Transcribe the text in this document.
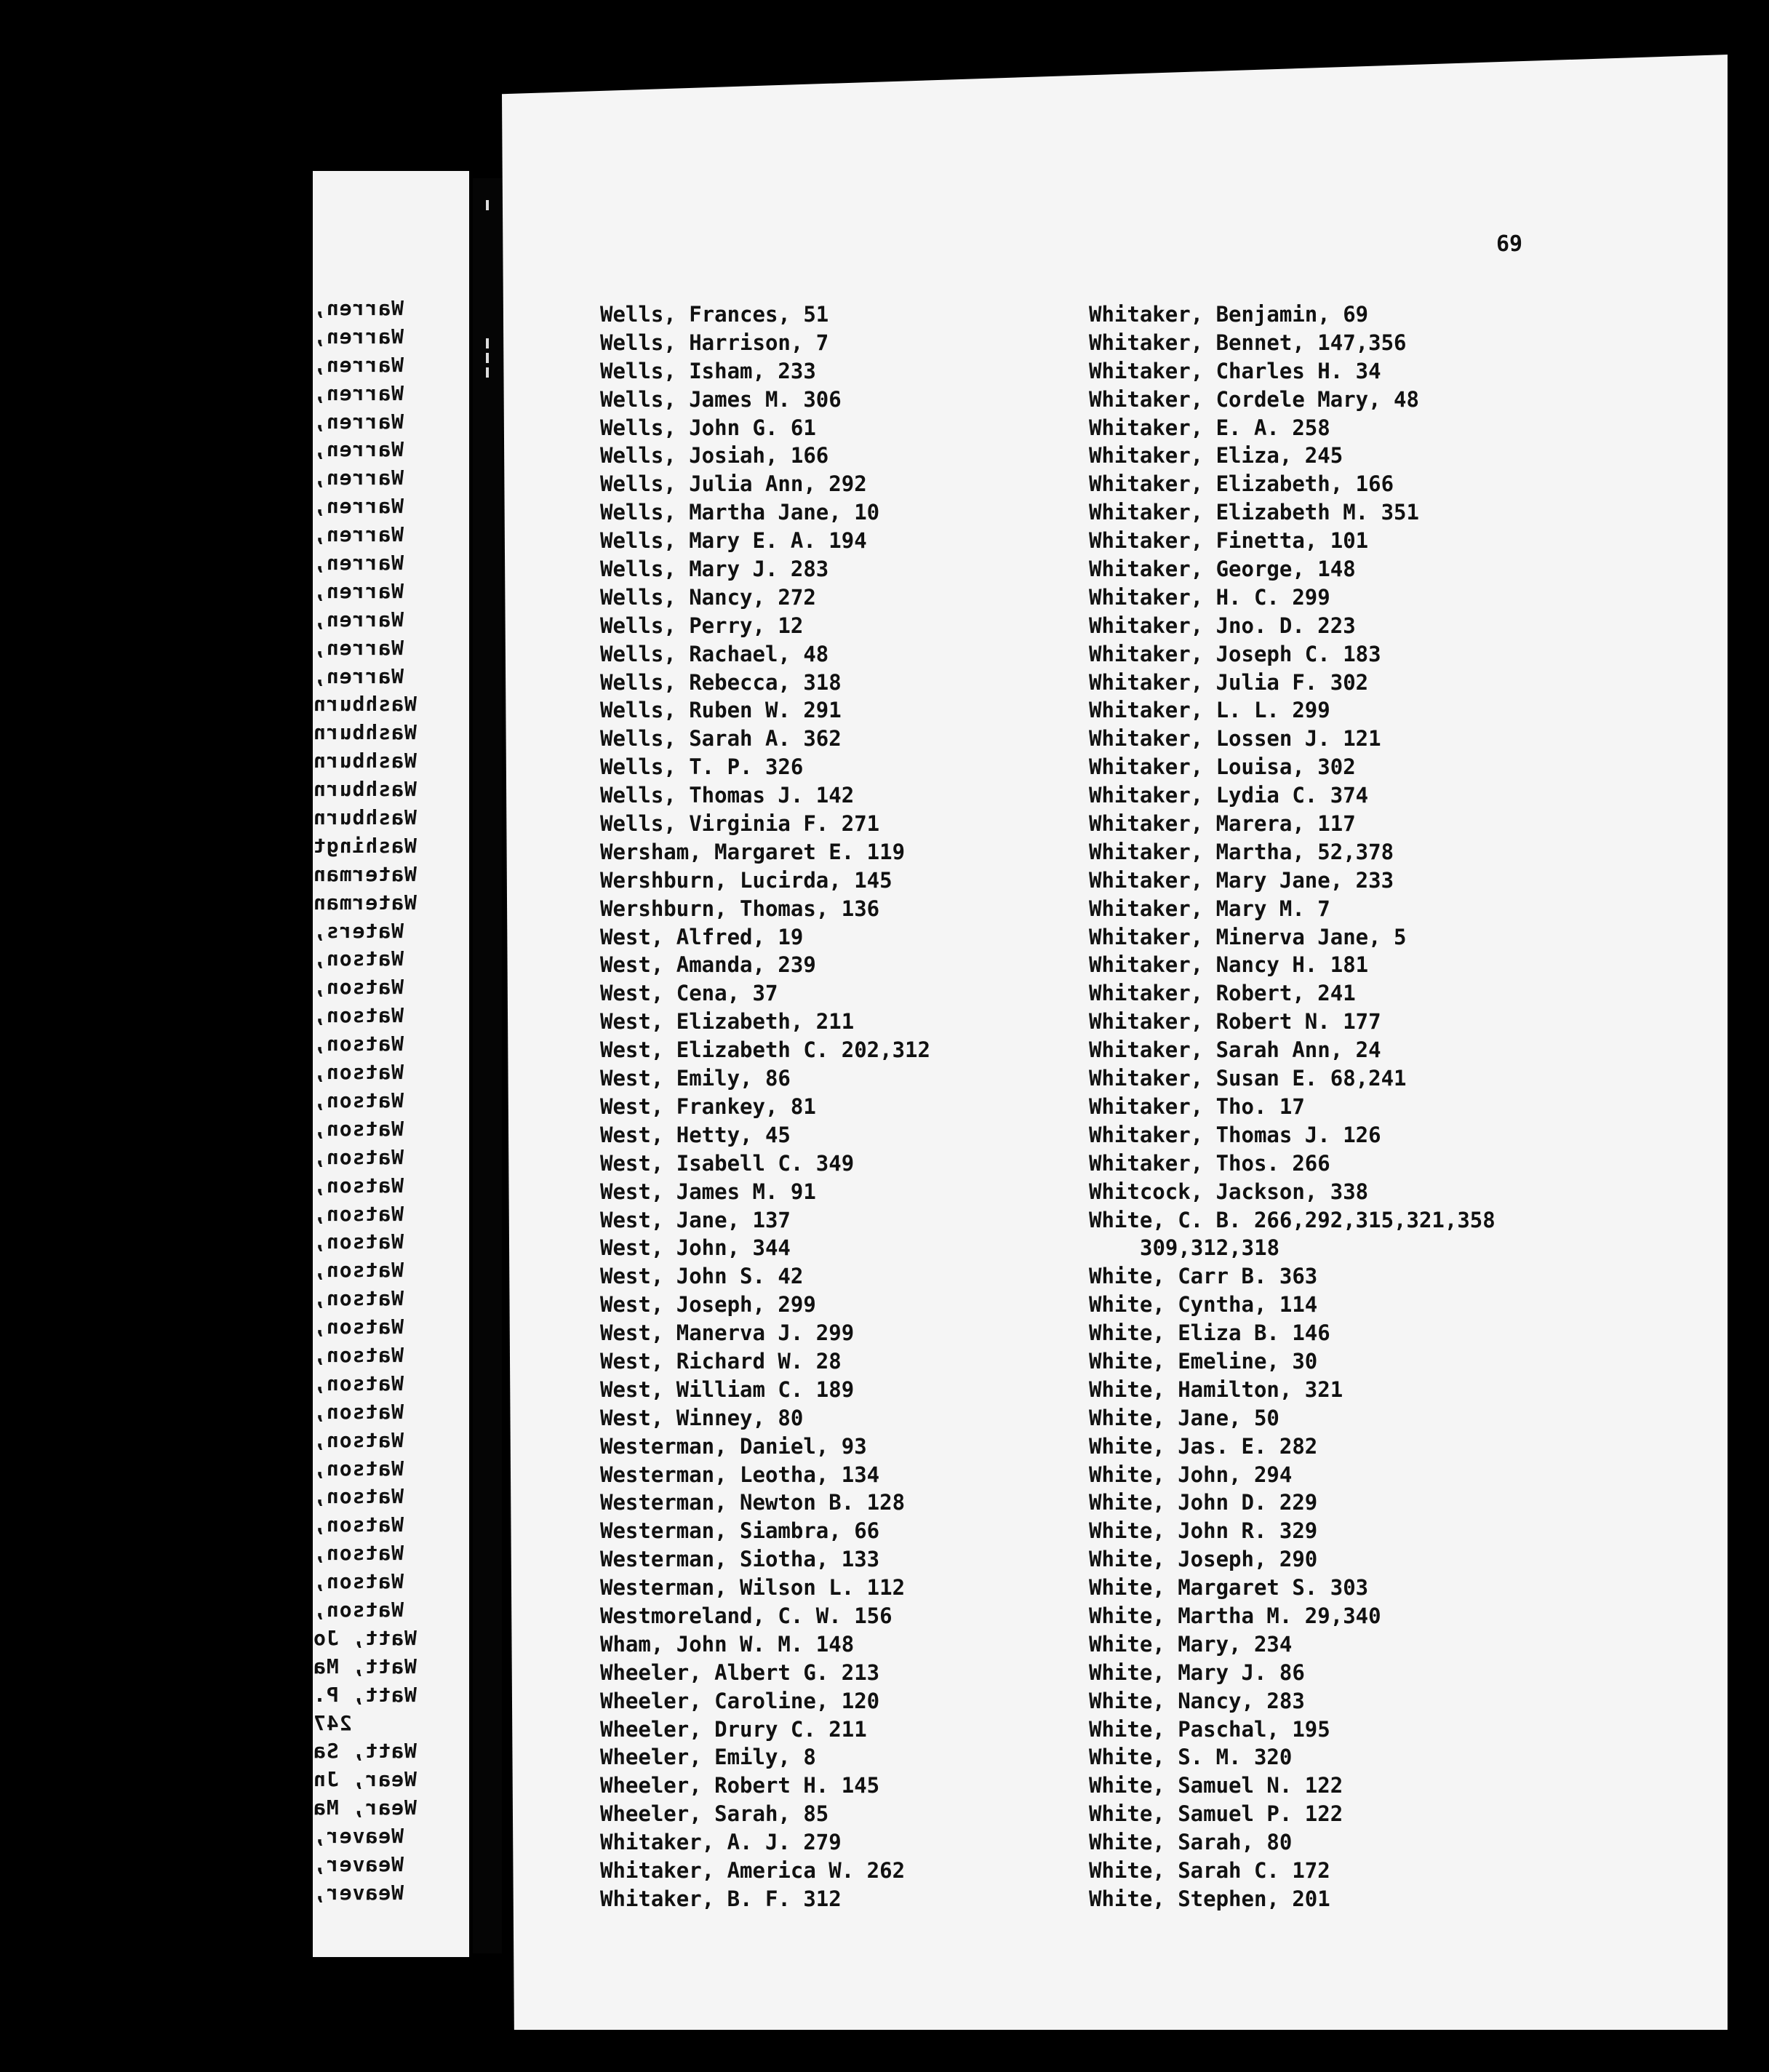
Warren,
Warren,
Warren,
Warren,
Warren,
Warren,
Warren,
Warren,
Warren,
Warren,
Warren,
Warren,
Warren,
Warren,
Washburn
Washburn
Washburn
Washburn
Washburn
Washingt
Waterman
Waterman
Waters,
Watson,
Watson,
Watson,
Watson,
Watson,
Watson,
Watson,
Watson,
Watson,
Watson,
Watson,
Watson,
Watson,
Watson,
Watson,
Watson,
Watson,
Watson,
Watson,
Watson,
Watson,
Watson,
Watson,
Watson,
Watt, Jo
Watt, Ma
Watt, P.
247
Watt, Sa
Wear, Jn
Wear, Ma
Weaver,
Weaver,
Weaver,
69
Wells, Frances, 51
Wells, Harrison, 7
Wells, Isham, 233
Wells, James M. 306
Wells, John G. 61
Wells, Josiah, 166
Wells, Julia Ann, 292
Wells, Martha Jane, 10
Wells, Mary E. A. 194
Wells, Mary J. 283
Wells, Nancy, 272
Wells, Perry, 12
Wells, Rachael, 48
Wells, Rebecca, 318
Wells, Ruben W. 291
Wells, Sarah A. 362
Wells, T. P. 326
Wells, Thomas J. 142
Wells, Virginia F. 271
Wersham, Margaret E. 119
Wershburn, Lucirda, 145
Wershburn, Thomas, 136
West, Alfred, 19
West, Amanda, 239
West, Cena, 37
West, Elizabeth, 211
West, Elizabeth C. 202,312
West, Emily, 86
West, Frankey, 81
West, Hetty, 45
West, Isabell C. 349
West, James M. 91
West, Jane, 137
West, John, 344
West, John S. 42
West, Joseph, 299
West, Manerva J. 299
West, Richard W. 28
West, William C. 189
West, Winney, 80
Westerman, Daniel, 93
Westerman, Leotha, 134
Westerman, Newton B. 128
Westerman, Siambra, 66
Westerman, Siotha, 133
Westerman, Wilson L. 112
Westmoreland, C. W. 156
Wham, John W. M. 148
Wheeler, Albert G. 213
Wheeler, Caroline, 120
Wheeler, Drury C. 211
Wheeler, Emily, 8
Wheeler, Robert H. 145
Wheeler, Sarah, 85
Whitaker, A. J. 279
Whitaker, America W. 262
Whitaker, B. F. 312
Whitaker, Benjamin, 69
Whitaker, Bennet, 147,356
Whitaker, Charles H. 34
Whitaker, Cordele Mary, 48
Whitaker, E. A. 258
Whitaker, Eliza, 245
Whitaker, Elizabeth, 166
Whitaker, Elizabeth M. 351
Whitaker, Finetta, 101
Whitaker, George, 148
Whitaker, H. C. 299
Whitaker, Jno. D. 223
Whitaker, Joseph C. 183
Whitaker, Julia F. 302
Whitaker, L. L. 299
Whitaker, Lossen J. 121
Whitaker, Louisa, 302
Whitaker, Lydia C. 374
Whitaker, Marera, 117
Whitaker, Martha, 52,378
Whitaker, Mary Jane, 233
Whitaker, Mary M. 7
Whitaker, Minerva Jane, 5
Whitaker, Nancy H. 181
Whitaker, Robert, 241
Whitaker, Robert N. 177
Whitaker, Sarah Ann, 24
Whitaker, Susan E. 68,241
Whitaker, Tho. 17
Whitaker, Thomas J. 126
Whitaker, Thos. 266
Whitcock, Jackson, 338
White, C. B. 266,292,315,321,358
309,312,318
White, Carr B. 363
White, Cyntha, 114
White, Eliza B. 146
White, Emeline, 30
White, Hamilton, 321
White, Jane, 50
White, Jas. E. 282
White, John, 294
White, John D. 229
White, John R. 329
White, Joseph, 290
White, Margaret S. 303
White, Martha M. 29,340
White, Mary, 234
White, Mary J. 86
White, Nancy, 283
White, Paschal, 195
White, S. M. 320
White, Samuel N. 122
White, Samuel P. 122
White, Sarah, 80
White, Sarah C. 172
White, Stephen, 201
